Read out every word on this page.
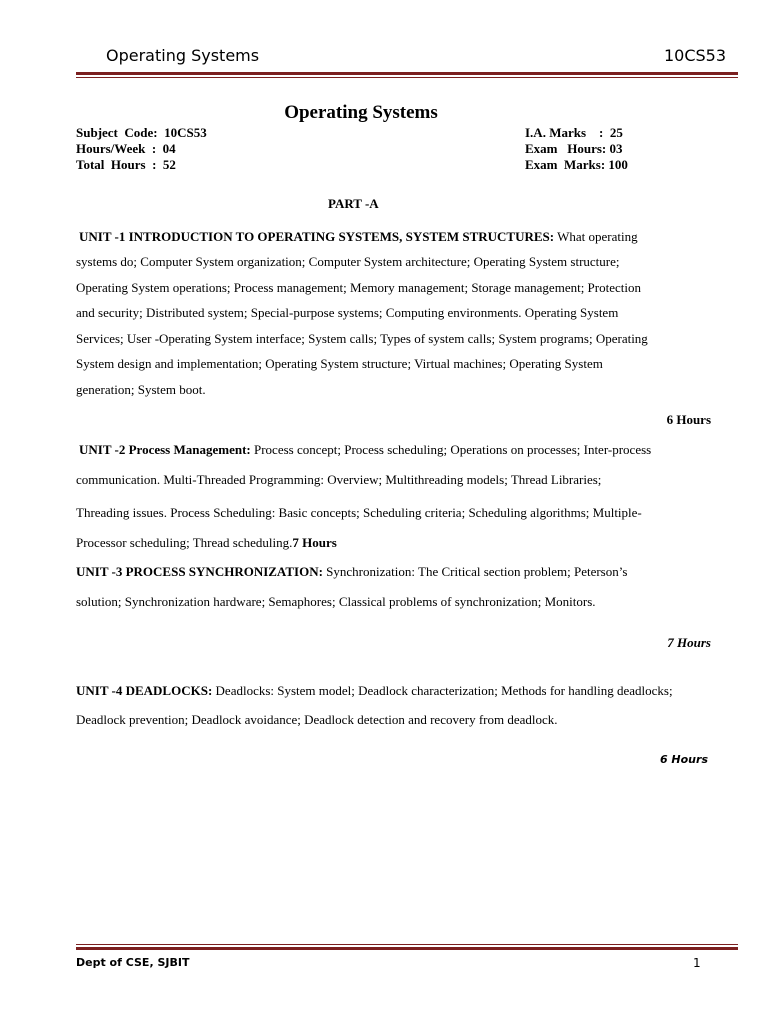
Operating Systems	10CS53
Operating Systems
Subject  Code:  10CS53
Hours/Week  :  04
Total  Hours  :  52
I.A. Marks    :  25
Exam   Hours: 03
Exam  Marks: 100
PART -A
UNIT -1 INTRODUCTION TO OPERATING SYSTEMS, SYSTEM STRUCTURES: What operating
systems do; Computer System organization; Computer System architecture; Operating System structure;
Operating System operations; Process management; Memory management; Storage management; Protection
and security; Distributed system; Special-purpose systems; Computing environments. Operating System
Services; User -Operating System interface; System calls; Types of system calls; System programs; Operating
System design and implementation; Operating System structure; Virtual machines; Operating System
generation; System boot.
6 Hours
UNIT -2 Process Management: Process concept; Process scheduling; Operations on processes; Inter-process
communication. Multi-Threaded Programming: Overview; Multithreading models; Thread Libraries;
Threading issues. Process Scheduling: Basic concepts; Scheduling criteria; Scheduling algorithms; Multiple-
Processor scheduling; Thread scheduling.7 Hours
UNIT -3 PROCESS SYNCHRONIZATION: Synchronization: The Critical section problem; Peterson’s
solution; Synchronization hardware; Semaphores; Classical problems of synchronization; Monitors.
7 Hours
UNIT -4 DEADLOCKS: Deadlocks: System model; Deadlock characterization; Methods for handling deadlocks;
Deadlock prevention; Deadlock avoidance; Deadlock detection and recovery from deadlock.
6 Hours
Dept of CSE, SJBIT	1
